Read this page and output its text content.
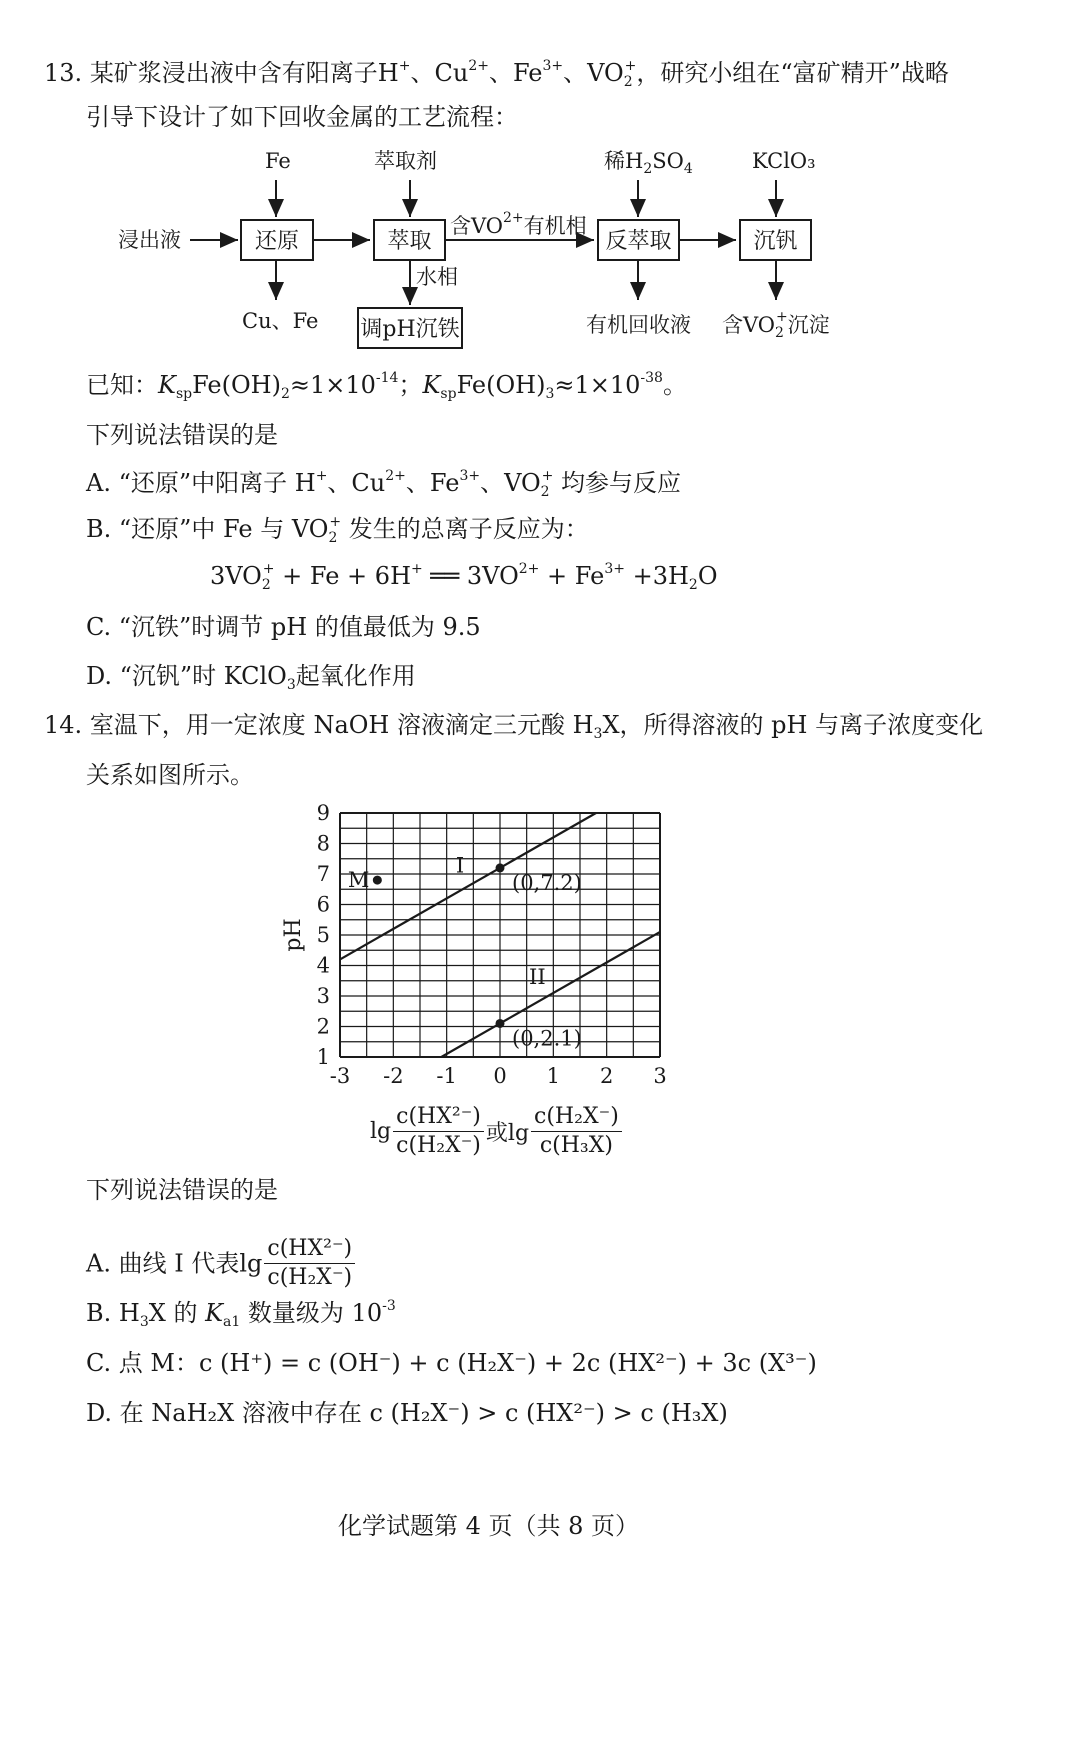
13. 某矿浆浸出液中含有阳离子H+、$Cu^{2+}$、$Fe^{3+}$、$VO_2^+$，研究小组在“富矿精开”战略
引导下设计了如下回收金属的工艺流程：
还原	萃取	反萃取	沉钒
调pH沉铁
浸出液
Fe	萃取剂	稀$H_2SO_4$	KClO₃
含$VO^{2+}$有机相
水相
Cu、Fe	有机回收液 含$VO_2^+$沉淀
已知：$K_{sp}Fe(OH)_2\approx 1\times 10^{-14}$；$K_{sp}Fe(OH)_3\approx 1\times 10^{-38}$。
下列说法错误的是
A. “还原”中阳离子 H+、$Cu^{2+}$、$Fe^{3+}$、$VO_2^+$ 均参与反应
B. “还原”中 Fe 与 $VO_2^+$ 发生的总离子反应为：
$3VO_2^+ + Fe + 6H^+$ ══ $3VO^{2+} + Fe^{3+} +3H_2O$
C. “沉铁”时调节 pH 的值最低为 9.5
D. “沉钒”时 KClO$_3$起氧化作用
14. 室温下，用一定浓度 NaOH 溶液滴定三元酸 $H_3X$，所得溶液的 pH 与离子浓度变化
关系如图所示。
-3 -2 -1 0 1 2 3
1
2
3
4
5
6
7
8
9
pH
I
II
M	(0,7.2)
(0,2.1)
$\lg \frac{\text{c(HX²⁻)}}{\text{c(H₂X⁻)}}$ 或$\lg \frac{\text{c(H₂X⁻)}}{\text{c(H₃X)}}$
下列说法错误的是
A. 曲线 I 代表$\lg \frac{\text{c(HX²⁻)}}{\text{c(H₂X⁻)}}$
B. $H_3X$ 的 $K_{a1}$ 数量级为 $10^{-3}$
C. 点 M：c (H⁺) = c (OH⁻) + c (H₂X⁻) + 2c (HX²⁻) + 3c (X³⁻)
D. 在 NaH₂X 溶液中存在 c (H₂X⁻) > c (HX²⁻) > c (H₃X)
化学试题第 4 页（共 8 页）
